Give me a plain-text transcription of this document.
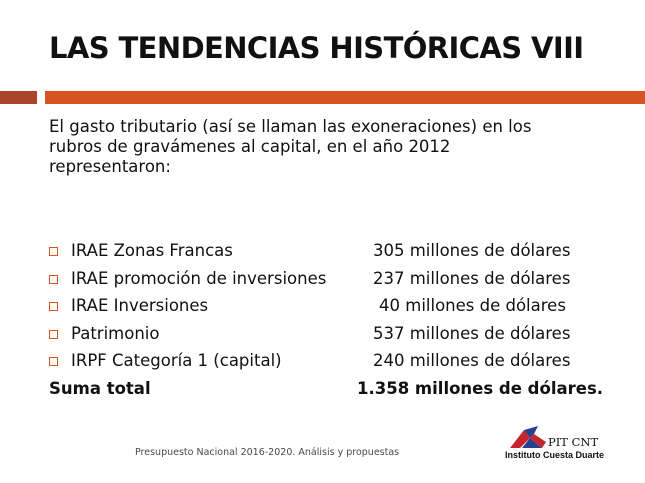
LAS TENDENCIAS HISTÓRICAS VIII
El gasto tributario (así se llaman las exoneraciones) en los
rubros de gravámenes al capital, en el año 2012
representaron:
IRAE Zonas Francas	305 millones de dólares
IRAE promoción de inversiones	237 millones de dólares
IRAE Inversiones	40 millones de dólares
Patrimonio	537 millones de dólares
IRPF Categoría 1 (capital)	240 millones de dólares
Suma total	1.358 millones de dólares.
Presupuesto Nacional 2016-2020. Análisis y propuestas
PIT CNT
Instituto Cuesta Duarte
